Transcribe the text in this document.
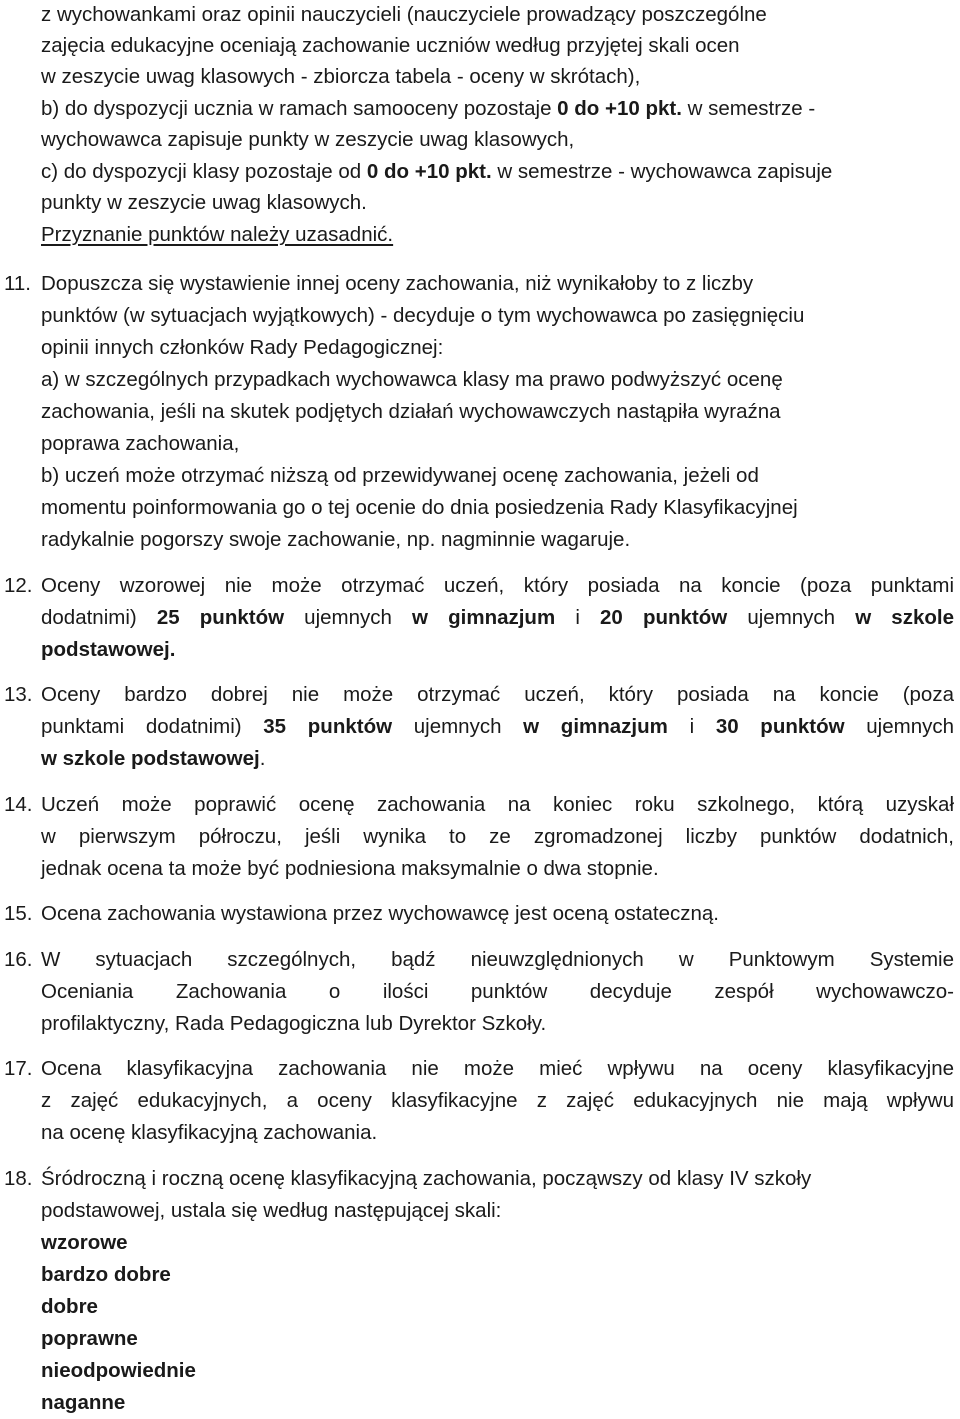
z wychowankami oraz opinii nauczycieli (nauczyciele prowadzący poszczególne
zajęcia edukacyjne oceniają zachowanie uczniów według przyjętej skali ocen
w zeszycie uwag klasowych - zbiorcza tabela - oceny w skrótach),
b) do dyspozycji ucznia w ramach samooceny pozostaje 0 do +10 pkt. w semestrze -
wychowawca zapisuje punkty w zeszycie uwag klasowych,
c) do dyspozycji klasy pozostaje od 0 do +10 pkt. w semestrze - wychowawca zapisuje
punkty w zeszycie uwag klasowych.
Przyznanie punktów należy uzasadnić.
11. Dopuszcza się wystawienie innej oceny zachowania, niż wynikałoby to z liczby
punktów (w sytuacjach wyjątkowych) - decyduje o tym wychowawca po zasięgnięciu
opinii innych członków Rady Pedagogicznej:
a) w szczególnych przypadkach wychowawca klasy ma prawo podwyższyć ocenę
zachowania, jeśli na skutek podjętych działań wychowawczych nastąpiła wyraźna
poprawa zachowania,
b) uczeń może otrzymać niższą od przewidywanej ocenę zachowania, jeżeli od
momentu poinformowania go o tej ocenie do dnia posiedzenia Rady Klasyfikacyjnej
radykalnie pogorszy swoje zachowanie, np. nagminnie wagaruje.
12. Oceny wzorowej nie może otrzymać uczeń, który posiada na koncie (poza punktami
dodatnimi) 25 punktów ujemnych w gimnazjum i 20 punktów ujemnych w szkole
podstawowej.
13. Oceny bardzo dobrej nie może otrzymać uczeń, który posiada na koncie (poza
punktami dodatnimi) 35 punktów ujemnych w gimnazjum i 30 punktów ujemnych
w szkole podstawowej.
14. Uczeń może poprawić ocenę zachowania na koniec roku szkolnego, którą uzyskał
w pierwszym półroczu, jeśli wynika to ze zgromadzonej liczby punktów dodatnich,
jednak ocena ta może być podniesiona maksymalnie o dwa stopnie.
15. Ocena zachowania wystawiona przez wychowawcę jest oceną ostateczną.
16. W sytuacjach szczególnych, bądź nieuwzględnionych w Punktowym Systemie
Oceniania Zachowania o ilości punktów decyduje zespół wychowawczo-
profilaktyczny, Rada Pedagogiczna lub Dyrektor Szkoły.
17. Ocena klasyfikacyjna zachowania nie może mieć wpływu na oceny klasyfikacyjne
z zajęć edukacyjnych, a oceny klasyfikacyjne z zajęć edukacyjnych nie mają wpływu
na ocenę klasyfikacyjną zachowania.
18. Śródroczną i roczną ocenę klasyfikacyjną zachowania, począwszy od klasy IV szkoły
podstawowej, ustala się według następującej skali:
wzorowe
bardzo dobre
dobre
poprawne
nieodpowiednie
naganne
